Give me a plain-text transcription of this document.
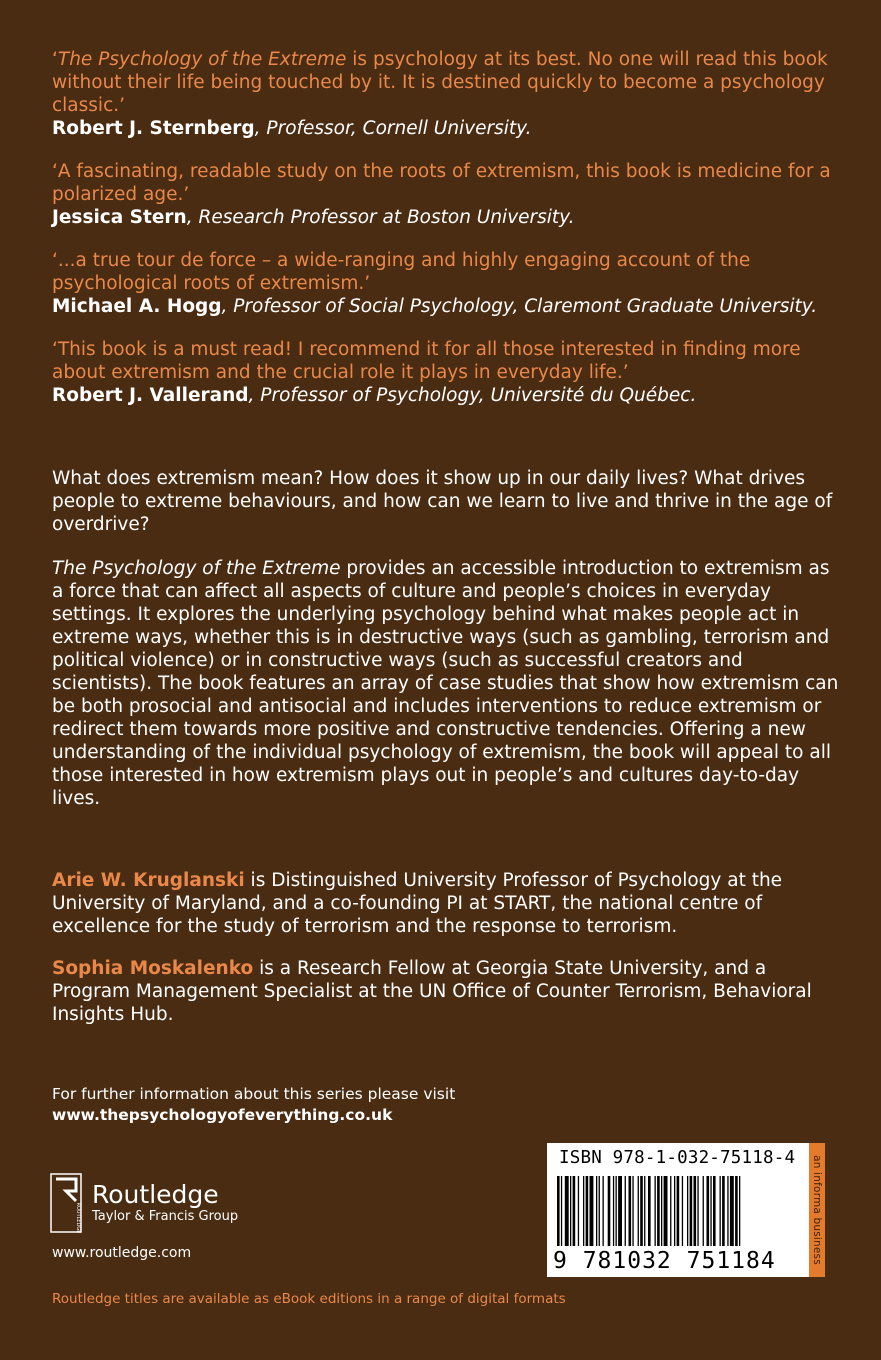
‘The Psychology of the Extreme is psychology at its best. No one will read this book without their life being touched by it. It is destined quickly to become a psychology classic.’
Robert J. Sternberg, Professor, Cornell University.
‘A fascinating, readable study on the roots of extremism, this book is medicine for a polarized age.’
Jessica Stern, Research Professor at Boston University.
‘...a true tour de force – a wide-ranging and highly engaging account of the psychological roots of extremism.’
Michael A. Hogg, Professor of Social Psychology, Claremont Graduate University.
‘This book is a must read! I recommend it for all those interested in finding more about extremism and the crucial role it plays in everyday life.’
Robert J. Vallerand, Professor of Psychology, Université du Québec.

What does extremism mean? How does it show up in our daily lives? What drives people to extreme behaviours, and how can we learn to live and thrive in the age of overdrive?

The Psychology of the Extreme provides an accessible introduction to extremism as a force that can affect all aspects of culture and people’s choices in everyday settings. It explores the underlying psychology behind what makes people act in extreme ways, whether this is in destructive ways (such as gambling, terrorism and political violence) or in constructive ways (such as successful creators and scientists). The book features an array of case studies that show how extremism can be both prosocial and antisocial and includes interventions to reduce extremism or redirect them towards more positive and constructive tendencies. Offering a new understanding of the individual psychology of extremism, the book will appeal to all those interested in how extremism plays out in people’s and cultures day-to-day lives.

Arie W. Kruglanski is Distinguished University Professor of Psychology at the University of Maryland, and a co-founding PI at START, the national centre of excellence for the study of terrorism and the response to terrorism.

Sophia Moskalenko is a Research Fellow at Georgia State University, and a Program Management Specialist at the UN Office of Counter Terrorism, Behavioral Insights Hub.

For further information about this series please visit
www.thepsychologyofeverything.co.uk
ROUTLEDGE
Routledge
Taylor & Francis Group
www.routledge.com
Routledge titles are available as eBook editions in a range of digital formats
ISBN 978-1-032-75118-4
9 781032 751184	an informa business
